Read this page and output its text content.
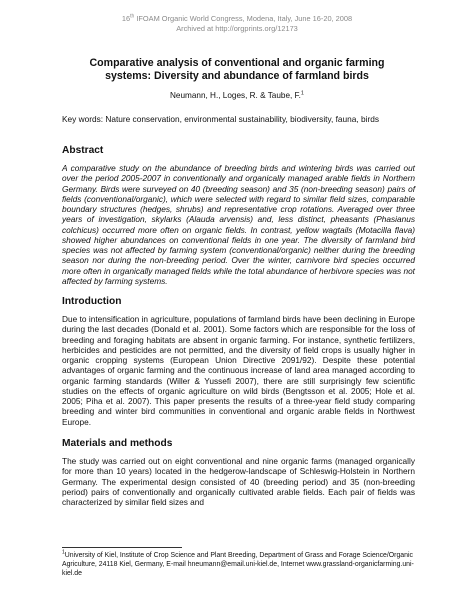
16th IFOAM Organic World Congress, Modena, Italy, June 16-20, 2008
Archived at http://orgprints.org/12173
Comparative analysis of conventional and organic farming systems: Diversity and abundance of farmland birds
Neumann, H., Loges, R. & Taube, F.$^1$
Key words: Nature conservation, environmental sustainability, biodiversity, fauna, birds
Abstract

A comparative study on the abundance of breeding birds and wintering birds was carried out over the period 2005-2007 in conventionally and organically managed arable fields in Northern Germany. Birds were surveyed on 40 (breeding season) and 35 (non-breeding season) pairs of fields (conventional/organic), which were selected with regard to similar field sizes, comparable boundary structures (hedges, shrubs) and representative crop rotations. Averaged over three years of investigation, skylarks (Alauda arvensis) and, less distinct, pheasants (Phasianus colchicus) occurred more often on organic fields. In contrast, yellow wagtails (Motacilla flava) showed higher abundances on conventional fields in one year. The diversity of farmland bird species was not affected by farming system (conventional/organic) neither during the breeding season nor during the non-breeding period. Over the winter, carnivore bird species occurred more often in organically managed fields while the total abundance of herbivore species was not affected by farming systems.

Introduction

Due to intensification in agriculture, populations of farmland birds have been declining in Europe during the last decades (Donald et al. 2001). Some factors which are responsible for the loss of breeding and foraging habitats are absent in organic farming. For instance, synthetic fertilizers, herbicides and pesticides are not permitted, and the diversity of field crops is usually higher in organic cropping systems (European Union Directive 2091/92). Despite these potential advantages of organic farming and the continuous increase of land area managed according to organic farming standards (Willer & Yussefi 2007), there are still surprisingly few scientific studies on the effects of organic agriculture on wild birds (Bengtsson et al. 2005; Hole et al. 2005; Piha et al. 2007). This paper presents the results of a three-year field study comparing breeding and winter bird communities in conventional and organic arable fields in Northwest Europe.

Materials and methods

The study was carried out on eight conventional and nine organic farms (managed organically for more than 10 years) located in the hedgerow-landscape of Schleswig-Holstein in Northern Germany. The experimental design consisted of 40 (breeding period) and 35 (non-breeding period) pairs of conventionally and organically cultivated arable fields. Each pair of fields was characterized by similar field sizes and

$^1$University of Kiel, Institute of Crop Science and Plant Breeding, Department of Grass and Forage Science/Organic Agriculture, 24118 Kiel, Germany, E-mail hneumann@email.uni-kiel.de, Internet www.grassland-organicfarming.uni-kiel.de
